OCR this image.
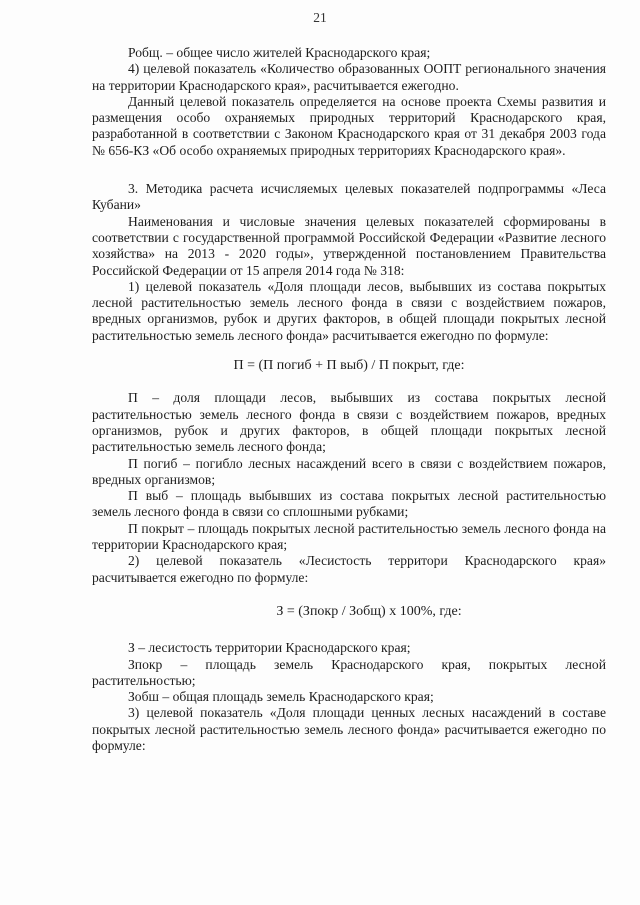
21

Робщ. – общее число жителей Краснодарского края;

4) целевой показатель «Количество образованных ООПТ регионального значения на территории Краснодарского края», расчитывается ежегодно.

Данный целевой показатель определяется на основе проекта Схемы развития и размещения особо охраняемых природных территорий Краснодарского края, разработанной в соответствии с Законом Краснодарского края от 31 декабря 2003 года № 656-КЗ «Об особо охраняемых природных территориях Краснодарского края».

3. Методика расчета исчисляемых целевых показателей подпрограммы «Леса Кубани»

Наименования и числовые значения целевых показателей сформированы в соответствии с государственной программой Российской Федерации «Развитие лесного хозяйства» на 2013 - 2020 годы», утвержденной постановлением Правительства Российской Федерации от 15 апреля 2014 года № 318:

1) целевой показатель «Доля площади лесов, выбывших из состава покрытых лесной растительностью земель лесного фонда в связи с воздействием пожаров, вредных организмов, рубок и других факторов, в общей площади покрытых лесной растительностью земель лесного фонда» расчитывается ежегодно по формуле:

П = (П погиб + П выб) / П покрыт, где:

П – доля площади лесов, выбывших из состава покрытых лесной растительностью земель лесного фонда в связи с воздействием пожаров, вредных организмов, рубок и других факторов, в общей площади покрытых лесной растительностью земель лесного фонда;

П погиб – погибло лесных насаждений всего в связи с воздействием пожаров, вредных организмов;

П выб – площадь выбывших из состава покрытых лесной растительностью земель лесного фонда в связи со сплошными рубками;

П покрыт – площадь покрытых лесной растительностью земель лесного фонда на территории Краснодарского края;

2) целевой показатель «Лесистость территори Краснодарского края» расчитывается ежегодно по формуле:

З = (Зпокр / Зобщ) х 100%, где:

З – лесистость территории Краснодарского края;

Зпокр – площадь земель Краснодарского края, покрытых лесной растительностью;

Зобш – общая площадь земель Краснодарского края;

3) целевой показатель «Доля площади ценных лесных насаждений в составе покрытых лесной растительностью земель лесного фонда» расчитывается ежегодно по формуле:
